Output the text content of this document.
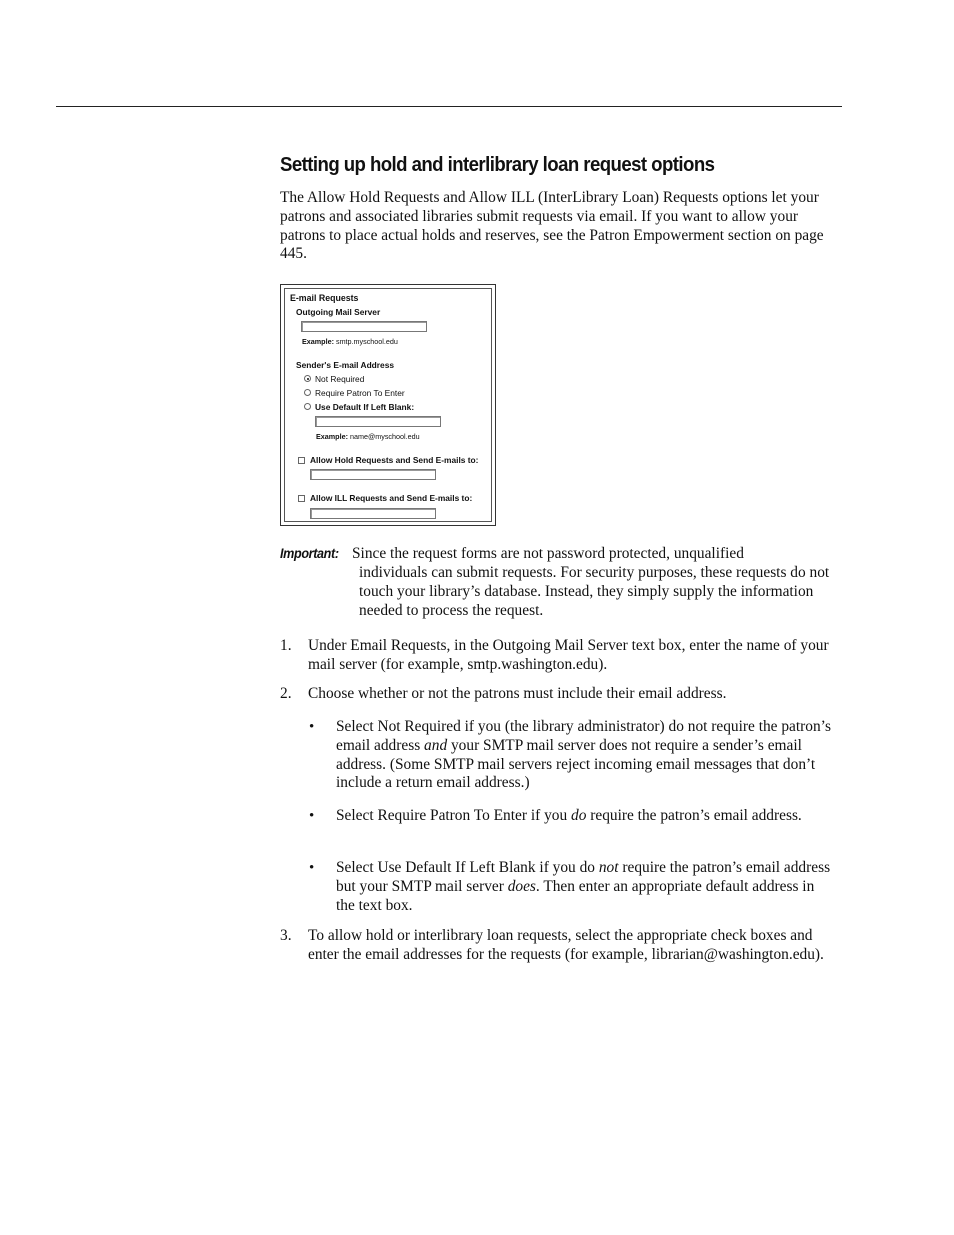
Setting up hold and interlibrary loan request options

The Allow Hold Requests and Allow ILL (InterLibrary Loan) Requests options let your patrons and associated libraries submit requests via email. If you want to allow your patrons to place actual holds and reserves, see the Patron Empowerment section on page 445.

E-mail Requests
Outgoing Mail Server
Example: smtp.myschool.edu
Sender's E-mail Address
Not Required
Require Patron To Enter
Use Default If Left Blank:
Example: name@myschool.edu
Allow Hold Requests and Send E-mails to:
Allow ILL Requests and Send E-mails to:
Important: Since the request forms are not password protected, unqualified

individuals can submit requests. For security purposes, these requests do not touch your library’s database. Instead, they simply supply the information needed to process the request.

1. Under Email Requests, in the Outgoing Mail Server text box, enter the name of your mail server (for example, smtp.washington.edu).

2. Choose whether or not the patrons must include their email address.

• Select Not Required if you (the library administrator) do not require the patron’s email address and your SMTP mail server does not require a sender’s email address. (Some SMTP mail servers reject incoming email messages that don’t include a return email address.)

• Select Require Patron To Enter if you do require the patron’s email address.

• Select Use Default If Left Blank if you do not require the patron’s email address but your SMTP mail server does. Then enter an appropriate default address in the text box.

3. To allow hold or interlibrary loan requests, select the appropriate check boxes and enter the email addresses for the requests (for example, librarian@washington.edu).
